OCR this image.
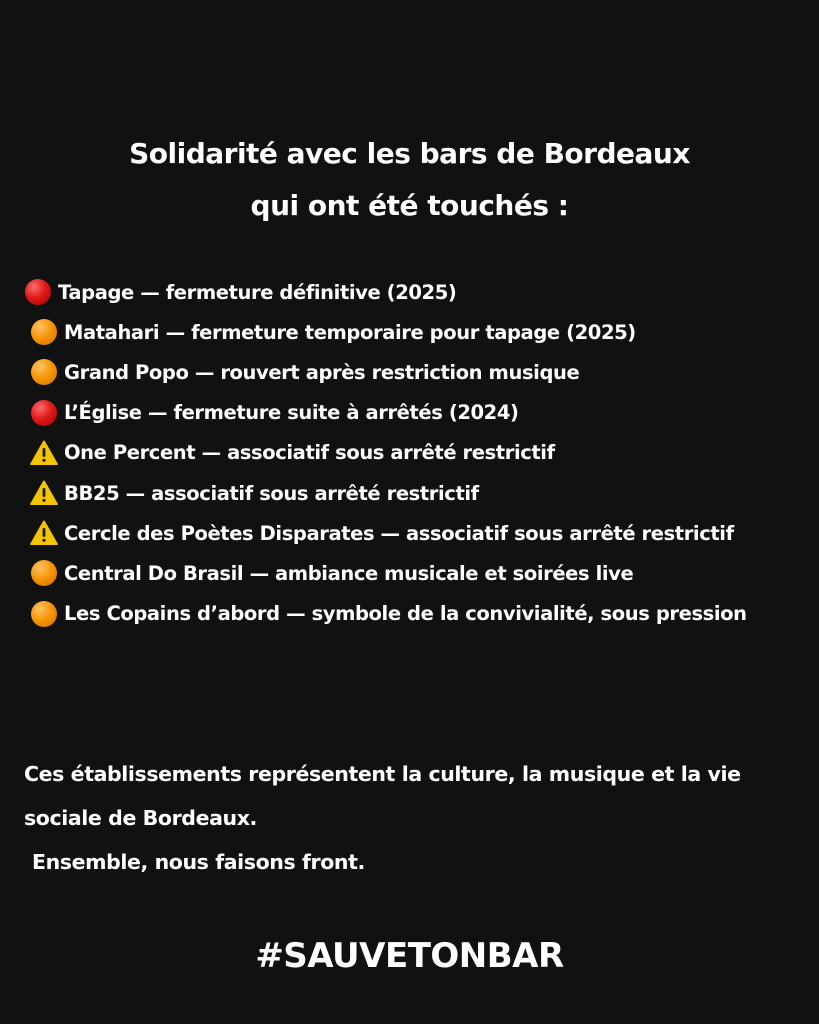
Solidarité avec les bars de Bordeaux
qui ont été touchés :
Tapage — fermeture définitive (2025)
Matahari — fermeture temporaire pour tapage (2025)
Grand Popo — rouvert après restriction musique
L’Église — fermeture suite à arrêtés (2024)
One Percent — associatif sous arrêté restrictif
BB25 — associatif sous arrêté restrictif
Cercle des Poètes Disparates — associatif sous arrêté restrictif
Central Do Brasil — ambiance musicale et soirées live
Les Copains d’abord — symbole de la convivialité, sous pression
Ces établissements représentent la culture, la musique et la vie
sociale de Bordeaux.
Ensemble, nous faisons front.
#SAUVETONBAR
